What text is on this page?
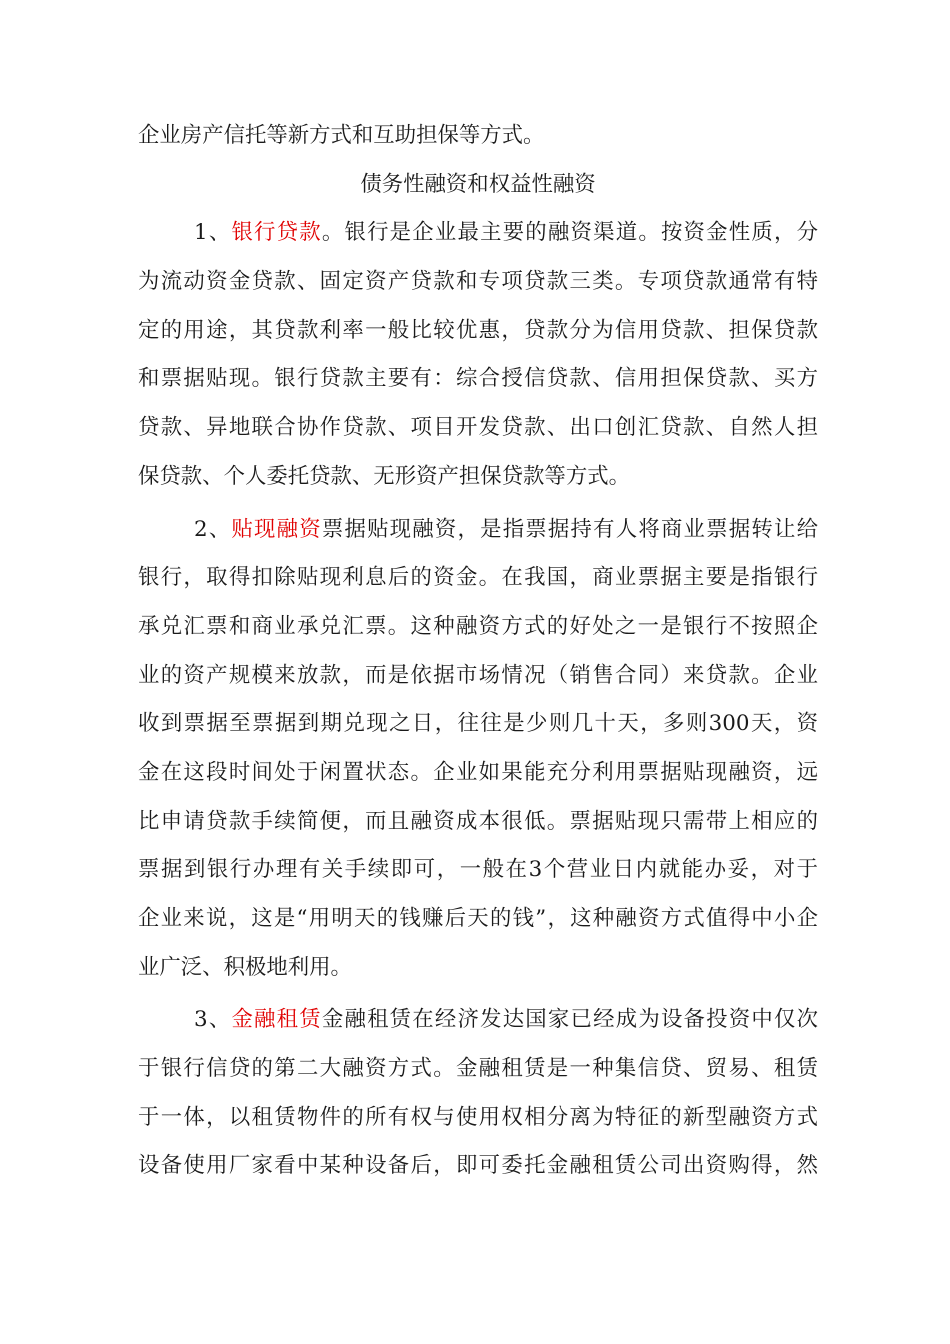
企业房产信托等新方式和互助担保等方式。
债务性融资和权益性融资
1、银行贷款。银行是企业最主要的融资渠道。按资金性质，分
为流动资金贷款、固定资产贷款和专项贷款三类。专项贷款通常有特
定的用途，其贷款利率一般比较优惠，贷款分为信用贷款、担保贷款
和票据贴现。银行贷款主要有：综合授信贷款、信用担保贷款、买方
贷款、异地联合协作贷款、项目开发贷款、出口创汇贷款、自然人担
保贷款、个人委托贷款、无形资产担保贷款等方式。
2、贴现融资票据贴现融资，是指票据持有人将商业票据转让给
银行，取得扣除贴现利息后的资金。在我国，商业票据主要是指银行
承兑汇票和商业承兑汇票。这种融资方式的好处之一是银行不按照企
业的资产规模来放款，而是依据市场情况（销售合同）来贷款。企业
收到票据至票据到期兑现之日，往往是少则几十天，多则300天，资
金在这段时间处于闲置状态。企业如果能充分利用票据贴现融资，远
比申请贷款手续简便，而且融资成本很低。票据贴现只需带上相应的
票据到银行办理有关手续即可，一般在3个营业日内就能办妥，对于
企业来说，这是“用明天的钱赚后天的钱”，这种融资方式值得中小企
业广泛、积极地利用。
3、金融租赁金融租赁在经济发达国家已经成为设备投资中仅次
于银行信贷的第二大融资方式。金融租赁是一种集信贷、贸易、租赁
于一体，以租赁物件的所有权与使用权相分离为特征的新型融资方式
设备使用厂家看中某种设备后，即可委托金融租赁公司出资购得，然
